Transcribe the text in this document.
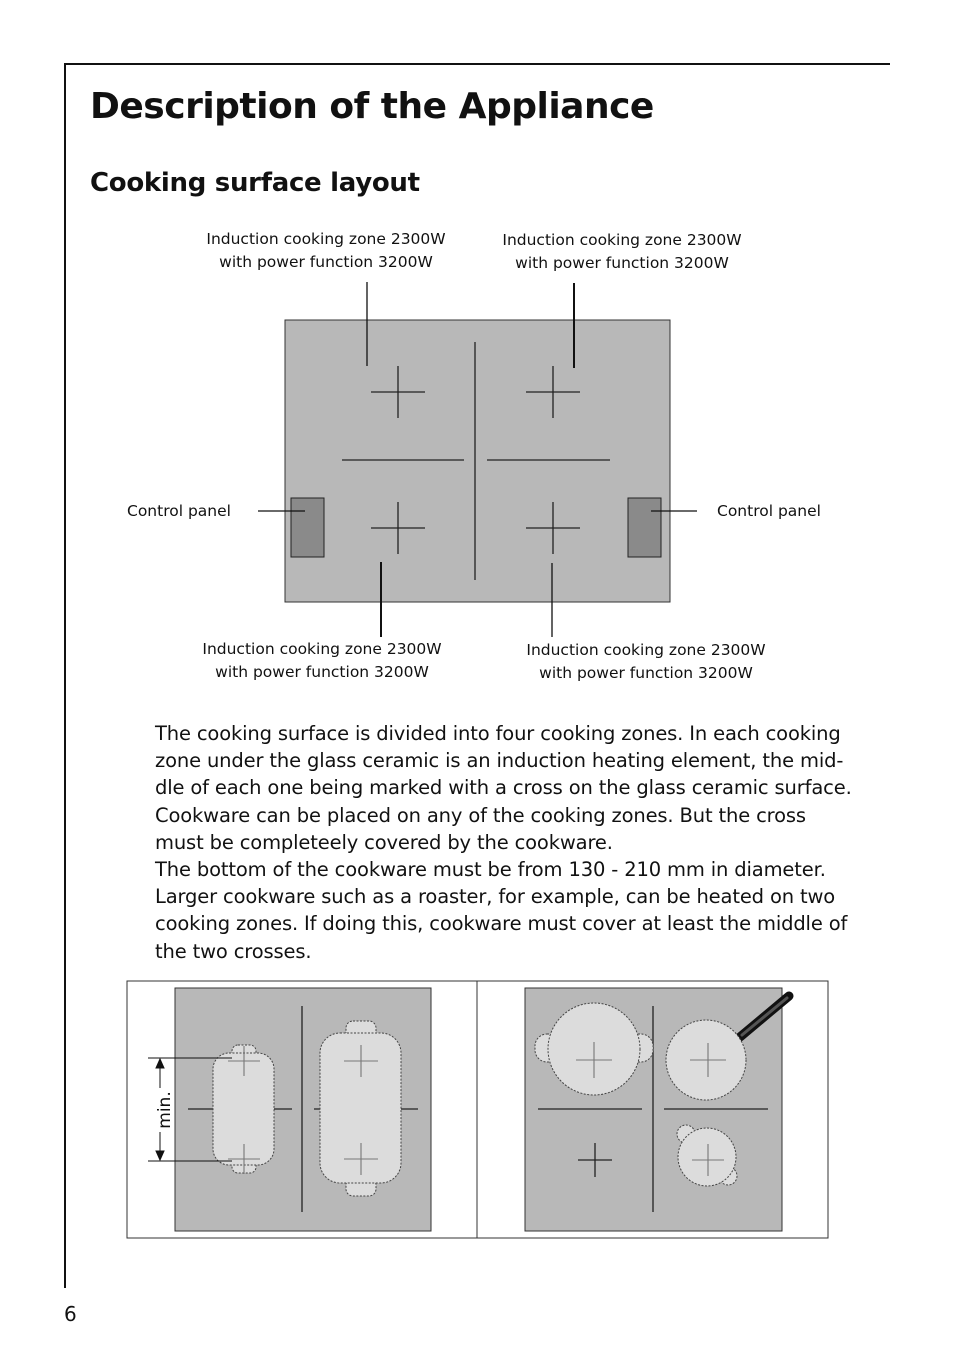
Description of the Appliance
Cooking surface layout
min.
Induction cooking zone 2300W
with power function 3200W
Induction cooking zone 2300W
with power function 3200W
Induction cooking zone 2300W
with power function 3200W
Induction cooking zone 2300W
with power function 3200W
Control panel	Control panel
The cooking surface is divided into four cooking zones. In each cooking
zone under the glass ceramic is an induction heating element, the mid-
dle of each one being marked with a cross on the glass ceramic surface.
Cookware can be placed on any of the cooking zones. But the cross
must be completeely covered by the cookware.
The bottom of the cookware must be from 130 - 210 mm in diameter.
Larger cookware such as a roaster, for example, can be heated on two
cooking zones. If doing this, cookware must cover at least the middle of
the two crosses.
6
